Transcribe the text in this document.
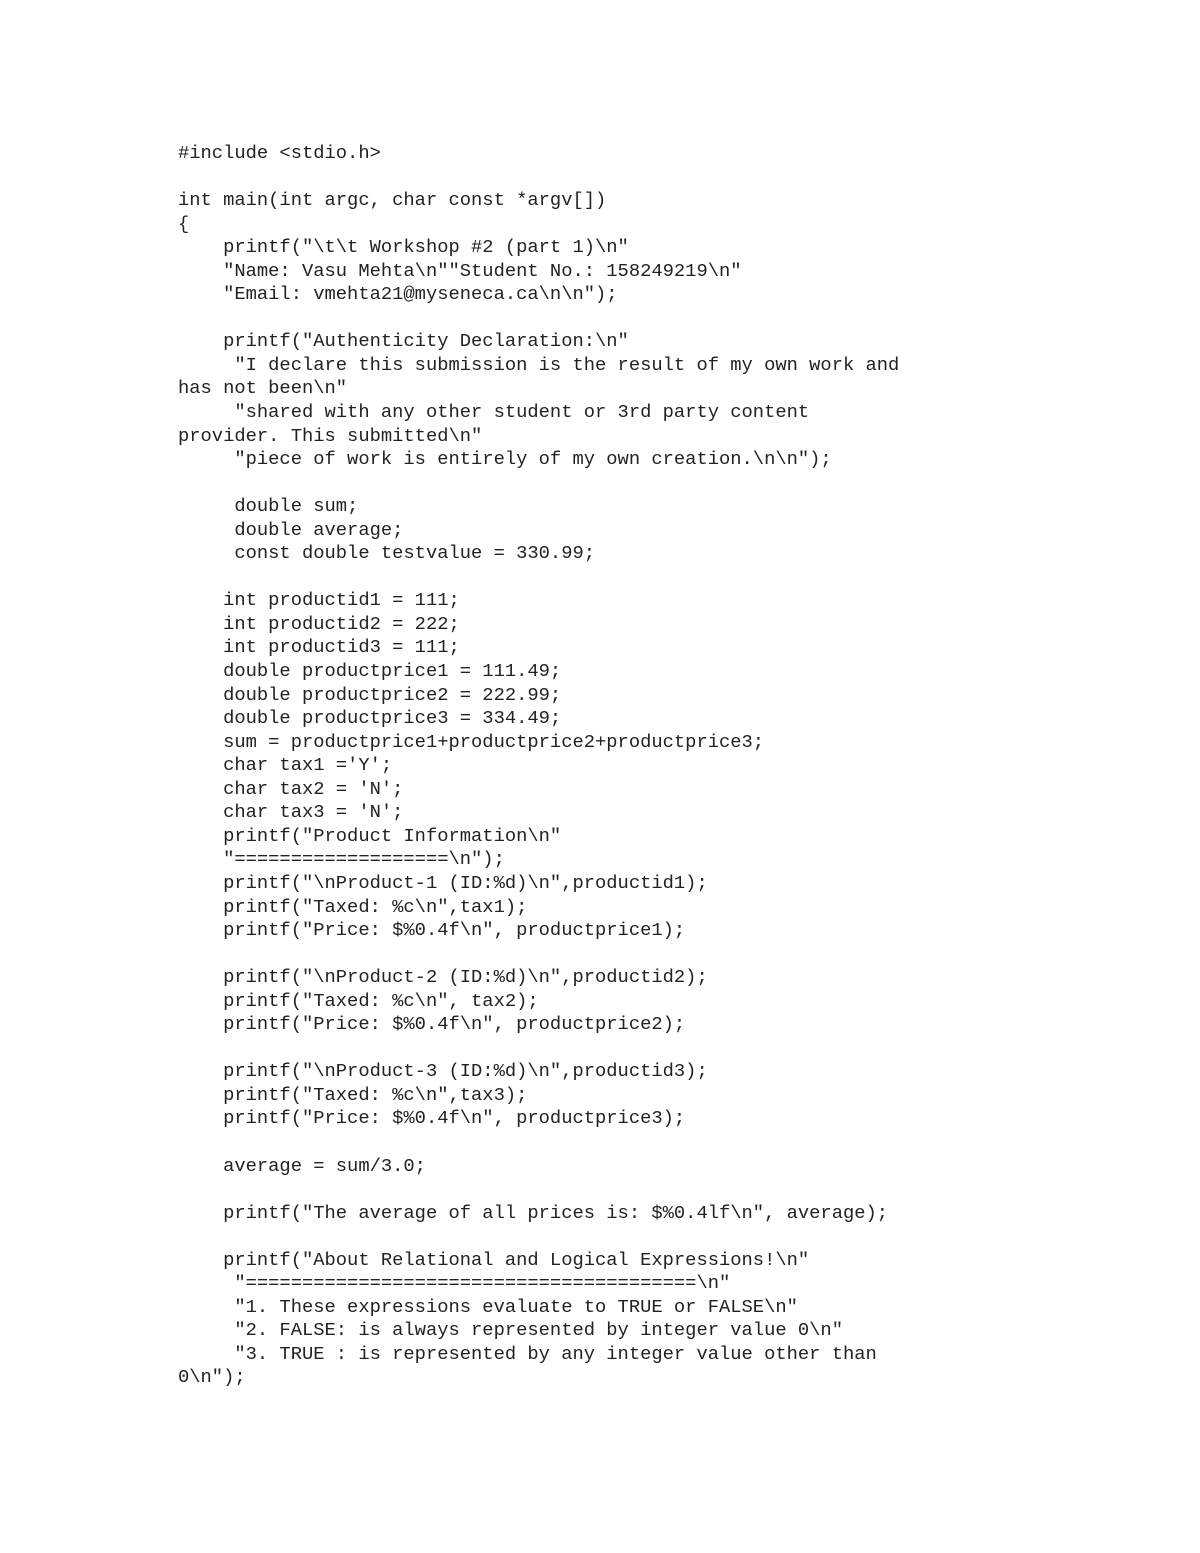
#include <stdio.h>
int main(int argc, char const *argv[])
{
printf("\t\t Workshop #2 (part 1)\n"
"Name: Vasu Mehta\n""Student No.: 158249219\n"
"Email: vmehta21@myseneca.ca\n\n");
printf("Authenticity Declaration:\n"
"I declare this submission is the result of my own work and
has not been\n"
"shared with any other student or 3rd party content
provider. This submitted\n"
"piece of work is entirely of my own creation.\n\n");
double sum;
double average;
const double testvalue = 330.99;
int productid1 = 111;
int productid2 = 222;
int productid3 = 111;
double productprice1 = 111.49;
double productprice2 = 222.99;
double productprice3 = 334.49;
sum = productprice1+productprice2+productprice3;
char tax1 ='Y';
char tax2 = 'N';
char tax3 = 'N';
printf("Product Information\n"
"===================\n");
printf("\nProduct-1 (ID:%d)\n",productid1);
printf("Taxed: %c\n",tax1);
printf("Price: $%0.4f\n", productprice1);
printf("\nProduct-2 (ID:%d)\n",productid2);
printf("Taxed: %c\n", tax2);
printf("Price: $%0.4f\n", productprice2);
printf("\nProduct-3 (ID:%d)\n",productid3);
printf("Taxed: %c\n",tax3);
printf("Price: $%0.4f\n", productprice3);
average = sum/3.0;
printf("The average of all prices is: $%0.4lf\n", average);
printf("About Relational and Logical Expressions!\n"
"========================================\n"
"1. These expressions evaluate to TRUE or FALSE\n"
"2. FALSE: is always represented by integer value 0\n"
"3. TRUE : is represented by any integer value other than
0\n");
